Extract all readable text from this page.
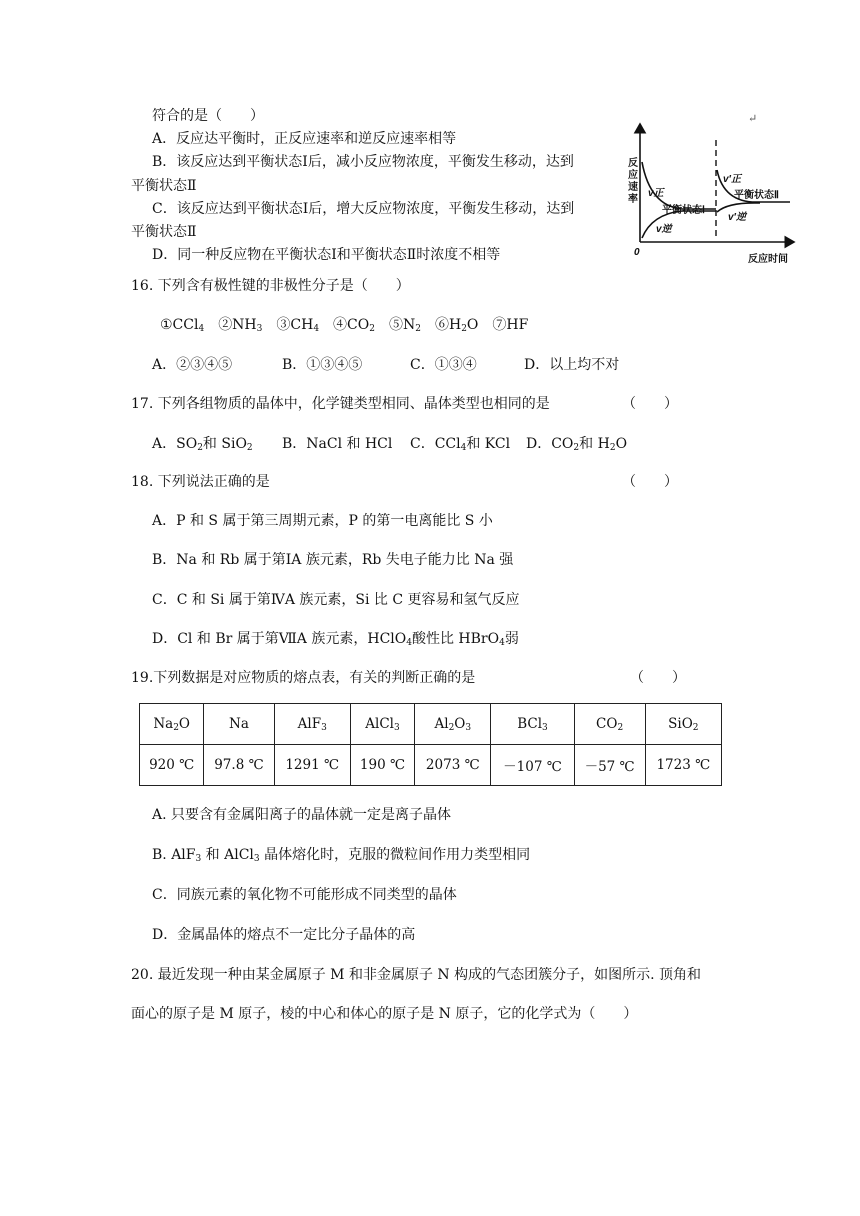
符合的是（　　）
A．反应达平衡时，正反应速率和逆反应速率相等
B．该反应达到平衡状态Ⅰ后，减小反应物浓度，平衡发生移动，达到
平衡状态Ⅱ
C．该反应达到平衡状态Ⅰ后，增大反应物浓度，平衡发生移动，达到
平衡状态Ⅱ
D．同一种反应物在平衡状态Ⅰ和平衡状态Ⅱ时浓度不相等
↵
反
应
速
率
0
反应时间
v正
v逆
v′正
v′逆
平衡状态Ⅰ
平衡状态Ⅱ
16. 下列含有极性键的非极性分子是（　　）
①CCl$_4$　 $②NH_3$　 $③CH_4$　 $④CO_2$　 $⑤N_2$　 $⑥H_2O$　 ⑦HF
A．②③④⑤	B．①③④⑤	C．①③④	D．以上均不对
17. 下列各组物质的晶体中，化学键类型相同、晶体类型也相同的是	（　　）
A．$SO_2$和 SiO$_2$ B．NaCl 和 HCl C．CCl$_4$和 KCl D．$CO_2$和 $H_2O$
18. 下列说法正确的是	（　　）
A．P 和 S 属于第三周期元素，P 的第一电离能比 S 小
B．Na 和 Rb 属于第ⅠA 族元素，Rb 失电子能力比 Na 强
C．C 和 Si 属于第ⅣA 族元素，Si 比 C 更容易和氢气反应
D．Cl 和 Br 属于第ⅦA 族元素，HClO$_4$酸性比 HBrO$_4$弱
19.下列数据是对应物质的熔点表，有关的判断正确的是	（　　）
$Na_2O$	Na	AlF$_3$	AlCl$_3$	$Al_2O_3$	BCl$_3$	$CO_2$	SiO$_2$
920 ℃	97.8 ℃	1291 ℃	190 ℃	2073 ℃	－107 ℃	－57 ℃	1723 ℃
A. 只要含有金属阳离子的晶体就一定是离子晶体
B. AlF$_3$ 和 AlCl$_3$ 晶体熔化时，克服的微粒间作用力类型相同
C．同族元素的氧化物不可能形成不同类型的晶体
D．金属晶体的熔点不一定比分子晶体的高
20. 最近发现一种由某金属原子 M 和非金属原子 N 构成的气态团簇分子，如图所示. 顶角和
面心的原子是 M 原子，棱的中心和体心的原子是 N 原子，它的化学式为（　　）
